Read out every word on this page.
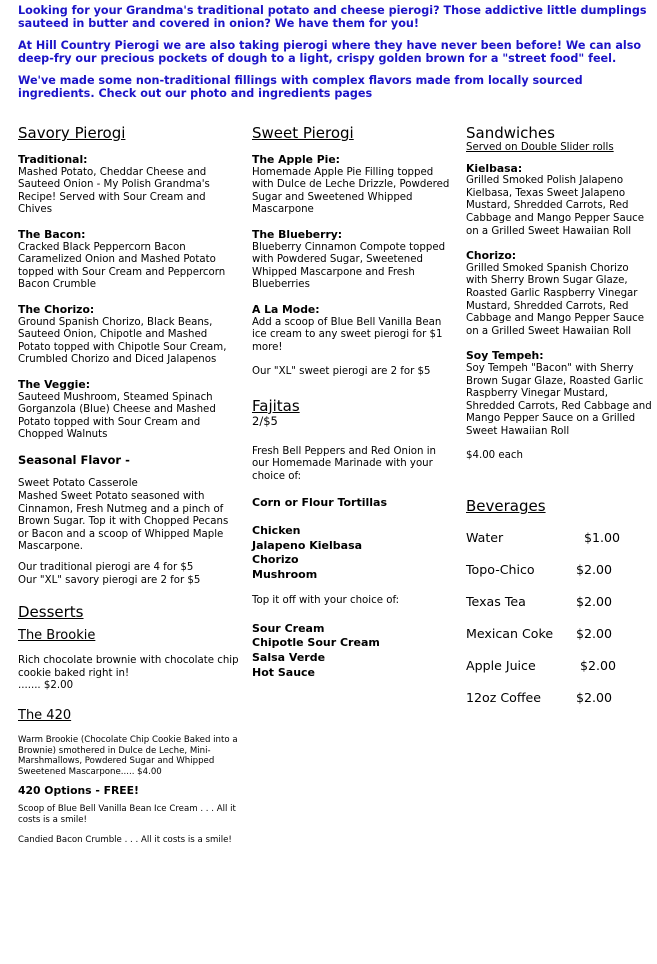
Looking for your Grandma's traditional potato and cheese pierogi? Those addictive little dumplings sauteed in butter and covered in onion? We have them for you!

At Hill Country Pierogi we are also taking pierogi where they have never been before! We can also deep-fry our precious pockets of dough to a light, crispy golden brown for a "street food" feel.

We've made some non-traditional fillings with complex flavors made from locally sourced ingredients. Check out our photo and ingredients pages

Savory Pierogi
Traditional:
Mashed Potato, Cheddar Cheese and Sauteed Onion - My Polish Grandma's Recipe! Served with Sour Cream and Chives
The Bacon:
Cracked Black Peppercorn Bacon Caramelized Onion and Mashed Potato topped with Sour Cream and Peppercorn Bacon Crumble
The Chorizo:
Ground Spanish Chorizo, Black Beans, Sauteed Onion, Chipotle and Mashed Potato topped with Chipotle Sour Cream, Crumbled Chorizo and Diced Jalapenos
The Veggie:
Sauteed Mushroom, Steamed Spinach Gorganzola (Blue) Cheese and Mashed Potato topped with Sour Cream and Chopped Walnuts
Seasonal Flavor -
Sweet Potato Casserole
Mashed Sweet Potato seasoned with Cinnamon, Fresh Nutmeg and a pinch of Brown Sugar. Top it with Chopped Pecans or Bacon and a scoop of Whipped Maple Mascarpone.
Our traditional pierogi are 4 for $5
Our "XL" savory pierogi are 2 for $5
Desserts
The Brookie
Rich chocolate brownie with chocolate chip cookie baked right in!
....... $2.00
The 420
Warm Brookie (Chocolate Chip Cookie Baked into a Brownie) smothered in Dulce de Leche, Mini-Marshmallows, Powdered Sugar and Whipped Sweetened Mascarpone..... $4.00
420 Options - FREE!
Scoop of Blue Bell Vanilla Bean Ice Cream . . . All it costs is a smile!
Candied Bacon Crumble . . . All it costs is a smile!
Sweet Pierogi
The Apple Pie:
Homemade Apple Pie Filling topped with Dulce de Leche Drizzle, Powdered Sugar and Sweetened Whipped Mascarpone
The Blueberry:
Blueberry Cinnamon Compote topped with Powdered Sugar, Sweetened Whipped Mascarpone and Fresh Blueberries
A La Mode:
Add a scoop of Blue Bell Vanilla Bean ice cream to any sweet pierogi for $1 more!
Our "XL" sweet pierogi are 2 for $5
Fajitas
2/$5
Fresh Bell Peppers and Red Onion in our Homemade Marinade with your choice of:
Corn or Flour Tortillas
Chicken
Jalapeno Kielbasa
Chorizo
Mushroom
Top it off with your choice of:
Sour Cream
Chipotle Sour Cream
Salsa Verde
Hot Sauce
Sandwiches
Served on Double Slider rolls
Kielbasa:
Grilled Smoked Polish Jalapeno Kielbasa, Texas Sweet Jalapeno Mustard, Shredded Carrots, Red Cabbage and Mango Pepper Sauce on a Grilled Sweet Hawaiian Roll
Chorizo:
Grilled Smoked Spanish Chorizo with Sherry Brown Sugar Glaze, Roasted Garlic Raspberry Vinegar Mustard, Shredded Carrots, Red Cabbage and Mango Pepper Sauce on a Grilled Sweet Hawaiian Roll
Soy Tempeh:
Soy Tempeh "Bacon" with Sherry Brown Sugar Glaze, Roasted Garlic Raspberry Vinegar Mustard, Shredded Carrots, Red Cabbage and Mango Pepper Sauce on a Grilled Sweet Hawaiian Roll
$4.00 each
Beverages
Water	$1.00
Topo-Chico	$2.00
Texas Tea	$2.00
Mexican Coke $2.00
Apple Juice	$2.00
12oz Coffee	$2.00
